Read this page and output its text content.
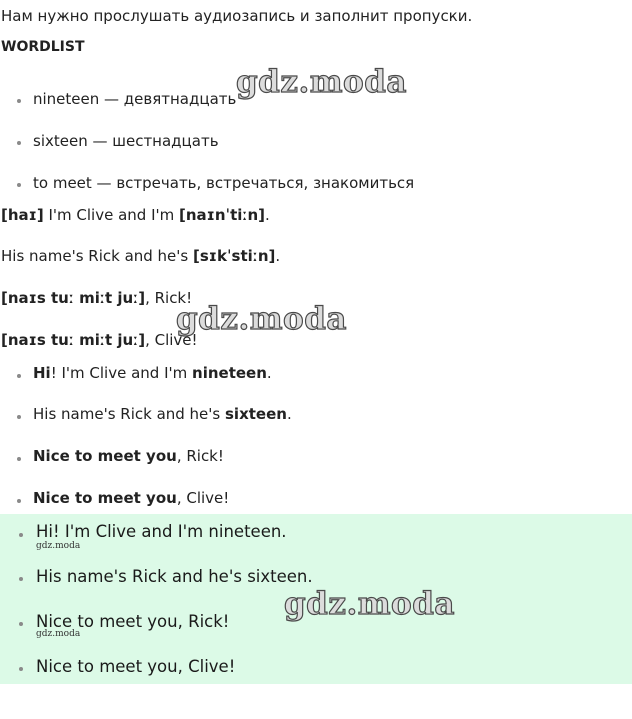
Нам нужно прослушать аудиозапись и заполнит пропуски.
WORDLIST
nineteen — девятнадцать
sixteen — шестнадцать
to meet — встречать, встречаться, знакомиться
[haɪ] I'm Clive and I'm [naɪnˈtiːn].
His name's Rick and he's [sɪkˈstiːn].
[naɪs tuː miːt juː], Rick!
[naɪs tuː miːt juː], Clive!
Hi! I'm Clive and I'm nineteen.
His name's Rick and he's sixteen.
Nice to meet you, Rick!
Nice to meet you, Clive!
Hi! I'm Clive and I'm nineteen.
His name's Rick and he's sixteen.
Nice to meet you, Rick!
Nice to meet you, Clive!
gdz.moda
gdz.moda
gdz.moda
gdz.moda
gdz.moda
